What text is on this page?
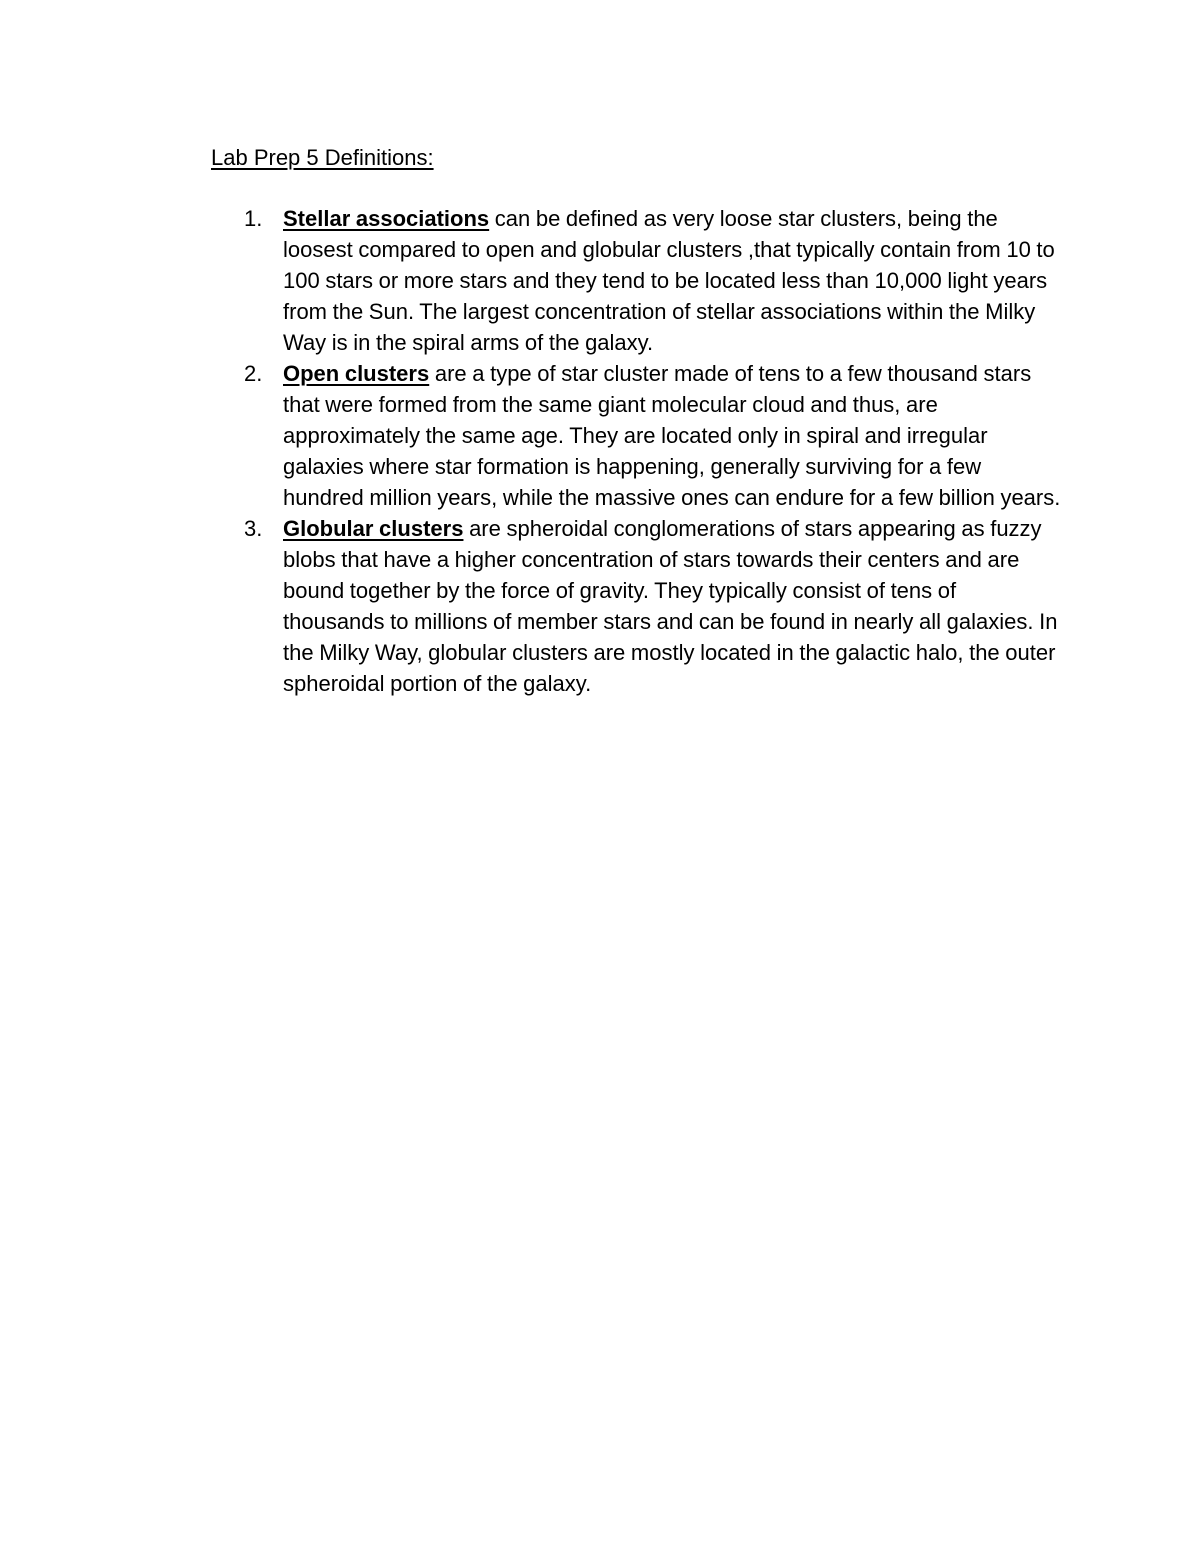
Lab Prep 5 Definitions:
1. Stellar associations can be defined as very loose star clusters, being the loosest compared to open and globular clusters ,that typically contain from 10 to 100 stars or more stars and they tend to be located less than 10,000 light years from the Sun. The largest concentration of stellar associations within the Milky Way is in the spiral arms of the galaxy.
2. Open clusters are a type of star cluster made of tens to a few thousand stars that were formed from the same giant molecular cloud and thus, are approximately the same age. They are located only in spiral and irregular galaxies where star formation is happening, generally surviving for a few hundred million years, while the massive ones can endure for a few billion years.
3. Globular clusters are spheroidal conglomerations of stars appearing as fuzzy blobs that have a higher concentration of stars towards their centers and are bound together by the force of gravity. They typically consist of tens of thousands to millions of member stars and can be found in nearly all galaxies. In the Milky Way, globular clusters are mostly located in the galactic halo, the outer spheroidal portion of the galaxy.
